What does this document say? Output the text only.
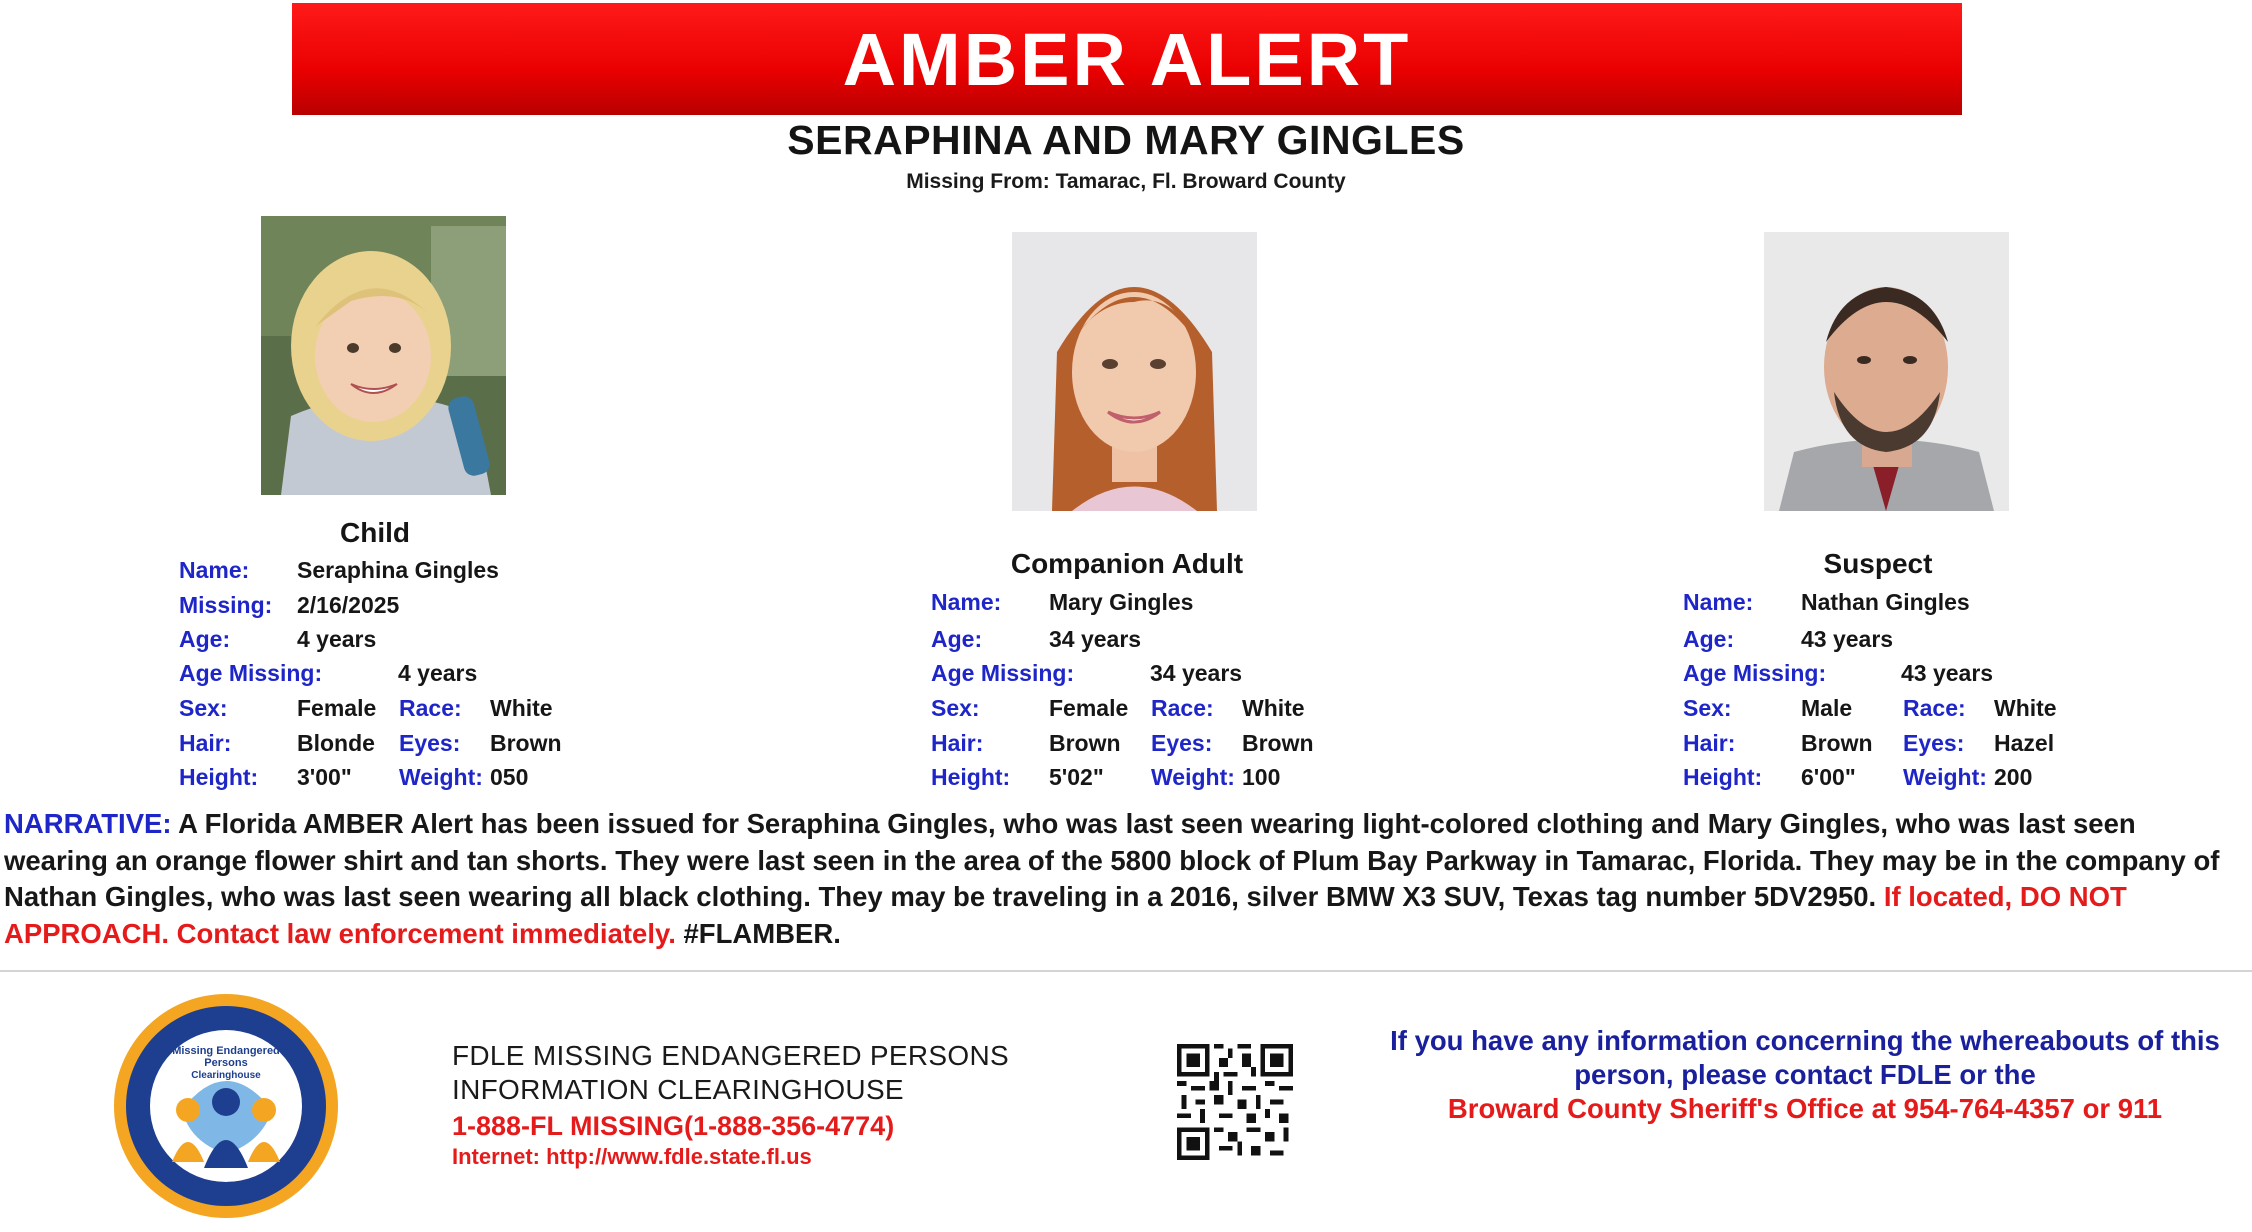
AMBER ALERT
SERAPHINA AND MARY GINGLES
Missing From: Tamarac, Fl. Broward County
Child
Companion Adult	Suspect
Name: Seraphina Gingles
Missing: 2/16/2025
Age:	4 years
Age Missing:	4 years
Sex:	Female Race: White
Hair:	Blonde Eyes: Brown
Height: 3'00" Weight: 050
Name: Mary Gingles
Age:	34 years
Age Missing:	34 years
Sex:	Female Race: White
Hair:	Brown Eyes: Brown
Height: 5'02" Weight: 100
Name: Nathan Gingles
Age:	43 years
Age Missing:	43 years
Sex:	Male Race: White
Hair:	Brown Eyes: Hazel
Height: 6'00" Weight: 200
NARRATIVE: A Florida AMBER Alert has been issued for Seraphina Gingles, who was last seen wearing light-colored clothing and Mary Gingles, who was last seen wearing an orange flower shirt and tan shorts. They were last seen in the area of the 5800 block of Plum Bay Parkway in Tamarac, Florida. They may be in the company of Nathan Gingles, who was last seen wearing all black clothing. They may be traveling in a 2016, silver BMW X3 SUV, Texas tag number 5DV2950. If located, DO NOT APPROACH. Contact law enforcement immediately. #FLAMBER.
Missing Endangered
Persons
Clearinghouse
FDLE MISSING ENDANGERED PERSONS
INFORMATION CLEARINGHOUSE
1-888-FL MISSING(1-888-356-4774)
Internet: http://www.fdle.state.fl.us
If you have any information concerning the whereabouts of this
person, please contact FDLE or the
Broward County Sheriff's Office at 954-764-4357 or 911
